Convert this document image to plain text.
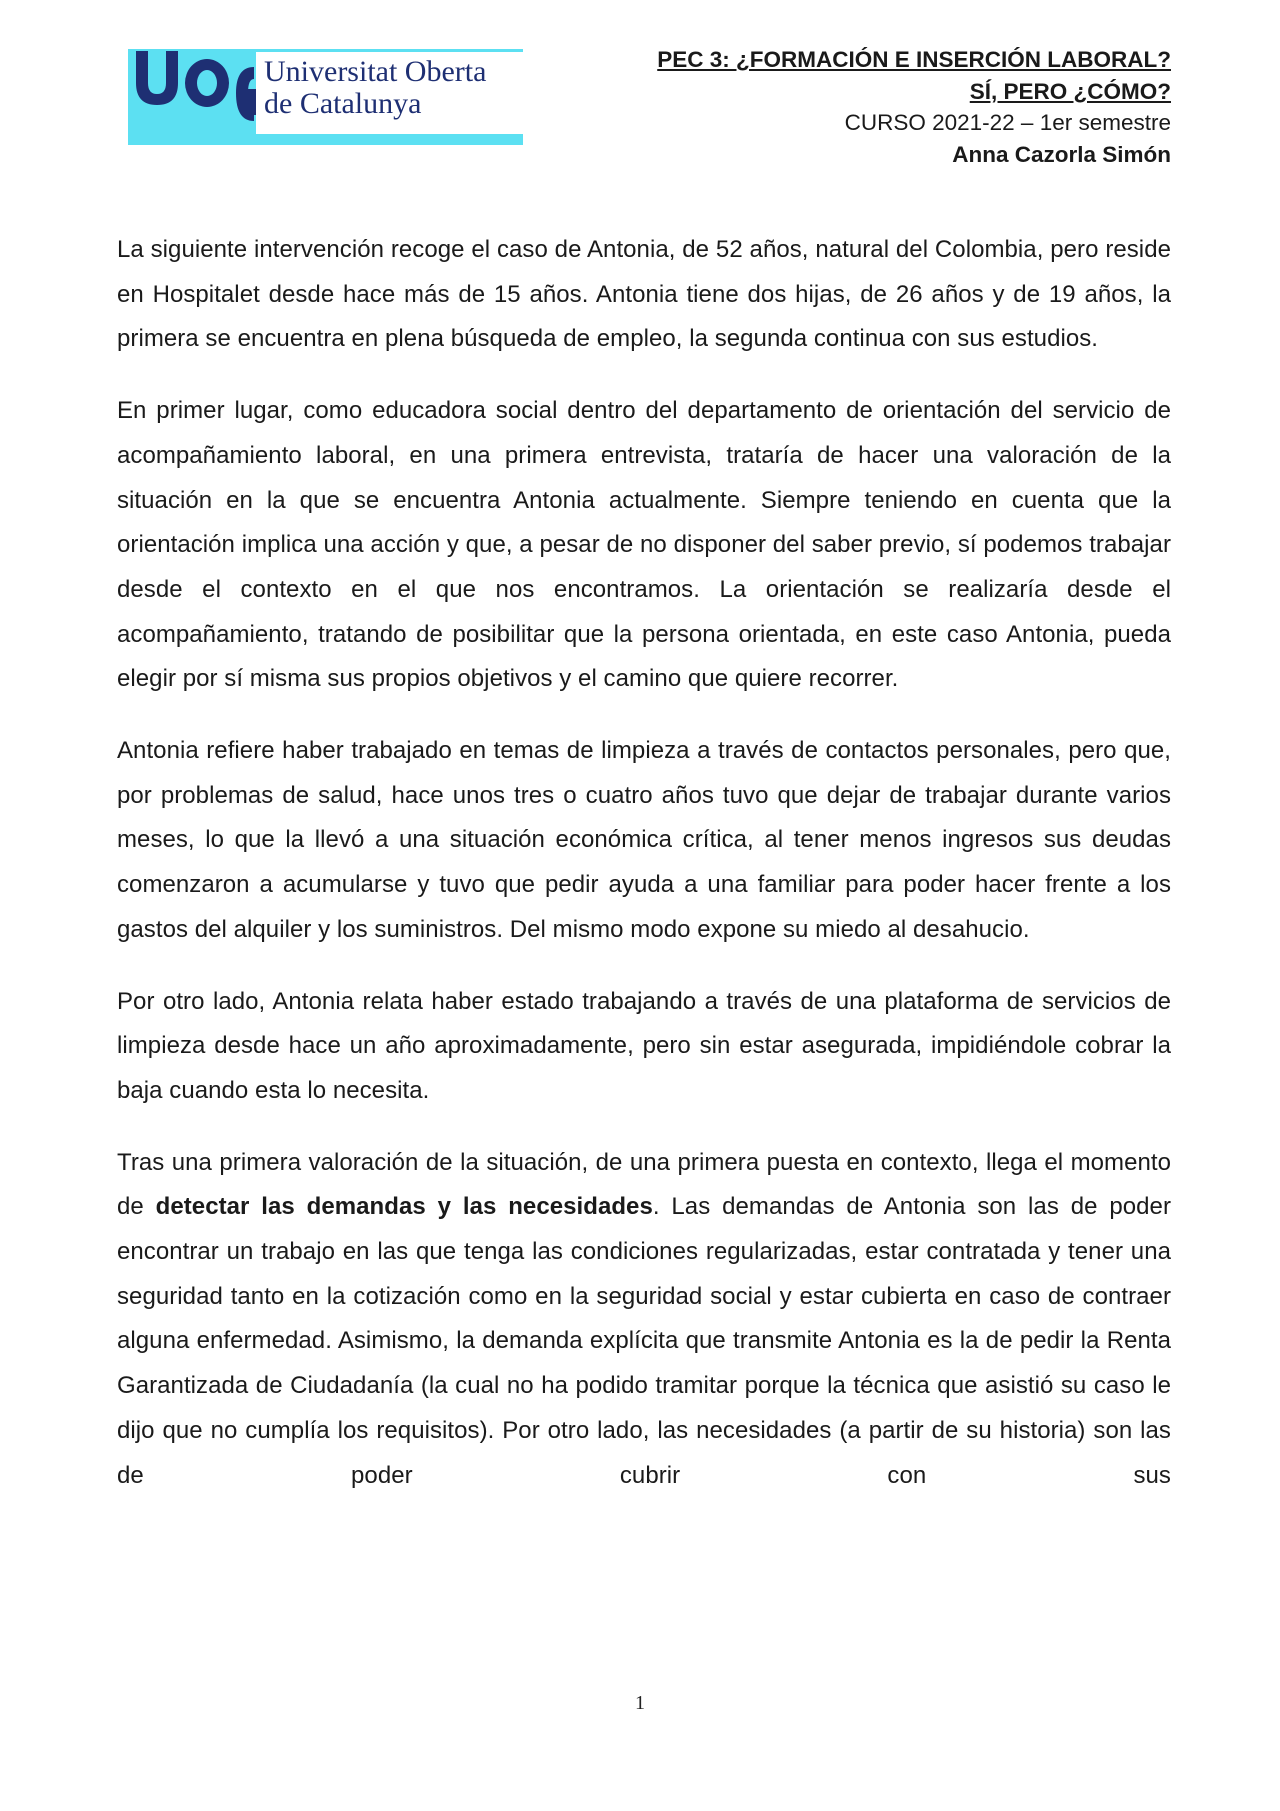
Universitat Oberta
de Catalunya
PEC 3: ¿FORMACIÓN E INSERCIÓN LABORAL?
SÍ, PERO ¿CÓMO?
CURSO 2021-22 – 1er semestre
Anna Cazorla Simón

La siguiente intervención recoge el caso de Antonia, de 52 años, natural del Colombia, pero reside en Hospitalet desde hace más de 15 años. Antonia tiene dos hijas, de 26 años y de 19 años, la primera se encuentra en plena búsqueda de empleo, la segunda continua con sus estudios.

En primer lugar, como educadora social dentro del departamento de orientación del servicio de acompañamiento laboral, en una primera entrevista, trataría de hacer una valoración de la situación en la que se encuentra Antonia actualmente. Siempre teniendo en cuenta que la orientación implica una acción y que, a pesar de no disponer del saber previo, sí podemos trabajar desde el contexto en el que nos encontramos. La orientación se realizaría desde el acompañamiento, tratando de posibilitar que la persona orientada, en este caso Antonia, pueda elegir por sí misma sus propios objetivos y el camino que quiere recorrer.

Antonia refiere haber trabajado en temas de limpieza a través de contactos personales, pero que, por problemas de salud, hace unos tres o cuatro años tuvo que dejar de trabajar durante varios meses, lo que la llevó a una situación económica crítica, al tener menos ingresos sus deudas comenzaron a acumularse y tuvo que pedir ayuda a una familiar para poder hacer frente a los gastos del alquiler y los suministros. Del mismo modo expone su miedo al desahucio.

Por otro lado, Antonia relata haber estado trabajando a través de una plataforma de servicios de limpieza desde hace un año aproximadamente, pero sin estar asegurada, impidiéndole cobrar la baja cuando esta lo necesita.

Tras una primera valoración de la situación, de una primera puesta en contexto, llega el momento de detectar las demandas y las necesidades. Las demandas de Antonia son las de poder encontrar un trabajo en las que tenga las condiciones regularizadas, estar contratada y tener una seguridad tanto en la cotización como en la seguridad social y estar cubierta en caso de contraer alguna enfermedad. Asimismo, la demanda explícita que transmite Antonia es la de pedir la Renta Garantizada de Ciudadanía (la cual no ha podido tramitar porque la técnica que asistió su caso le dijo que no cumplía los requisitos). Por otro lado, las necesidades (a partir de su historia) son las de poder cubrir con sus

1
